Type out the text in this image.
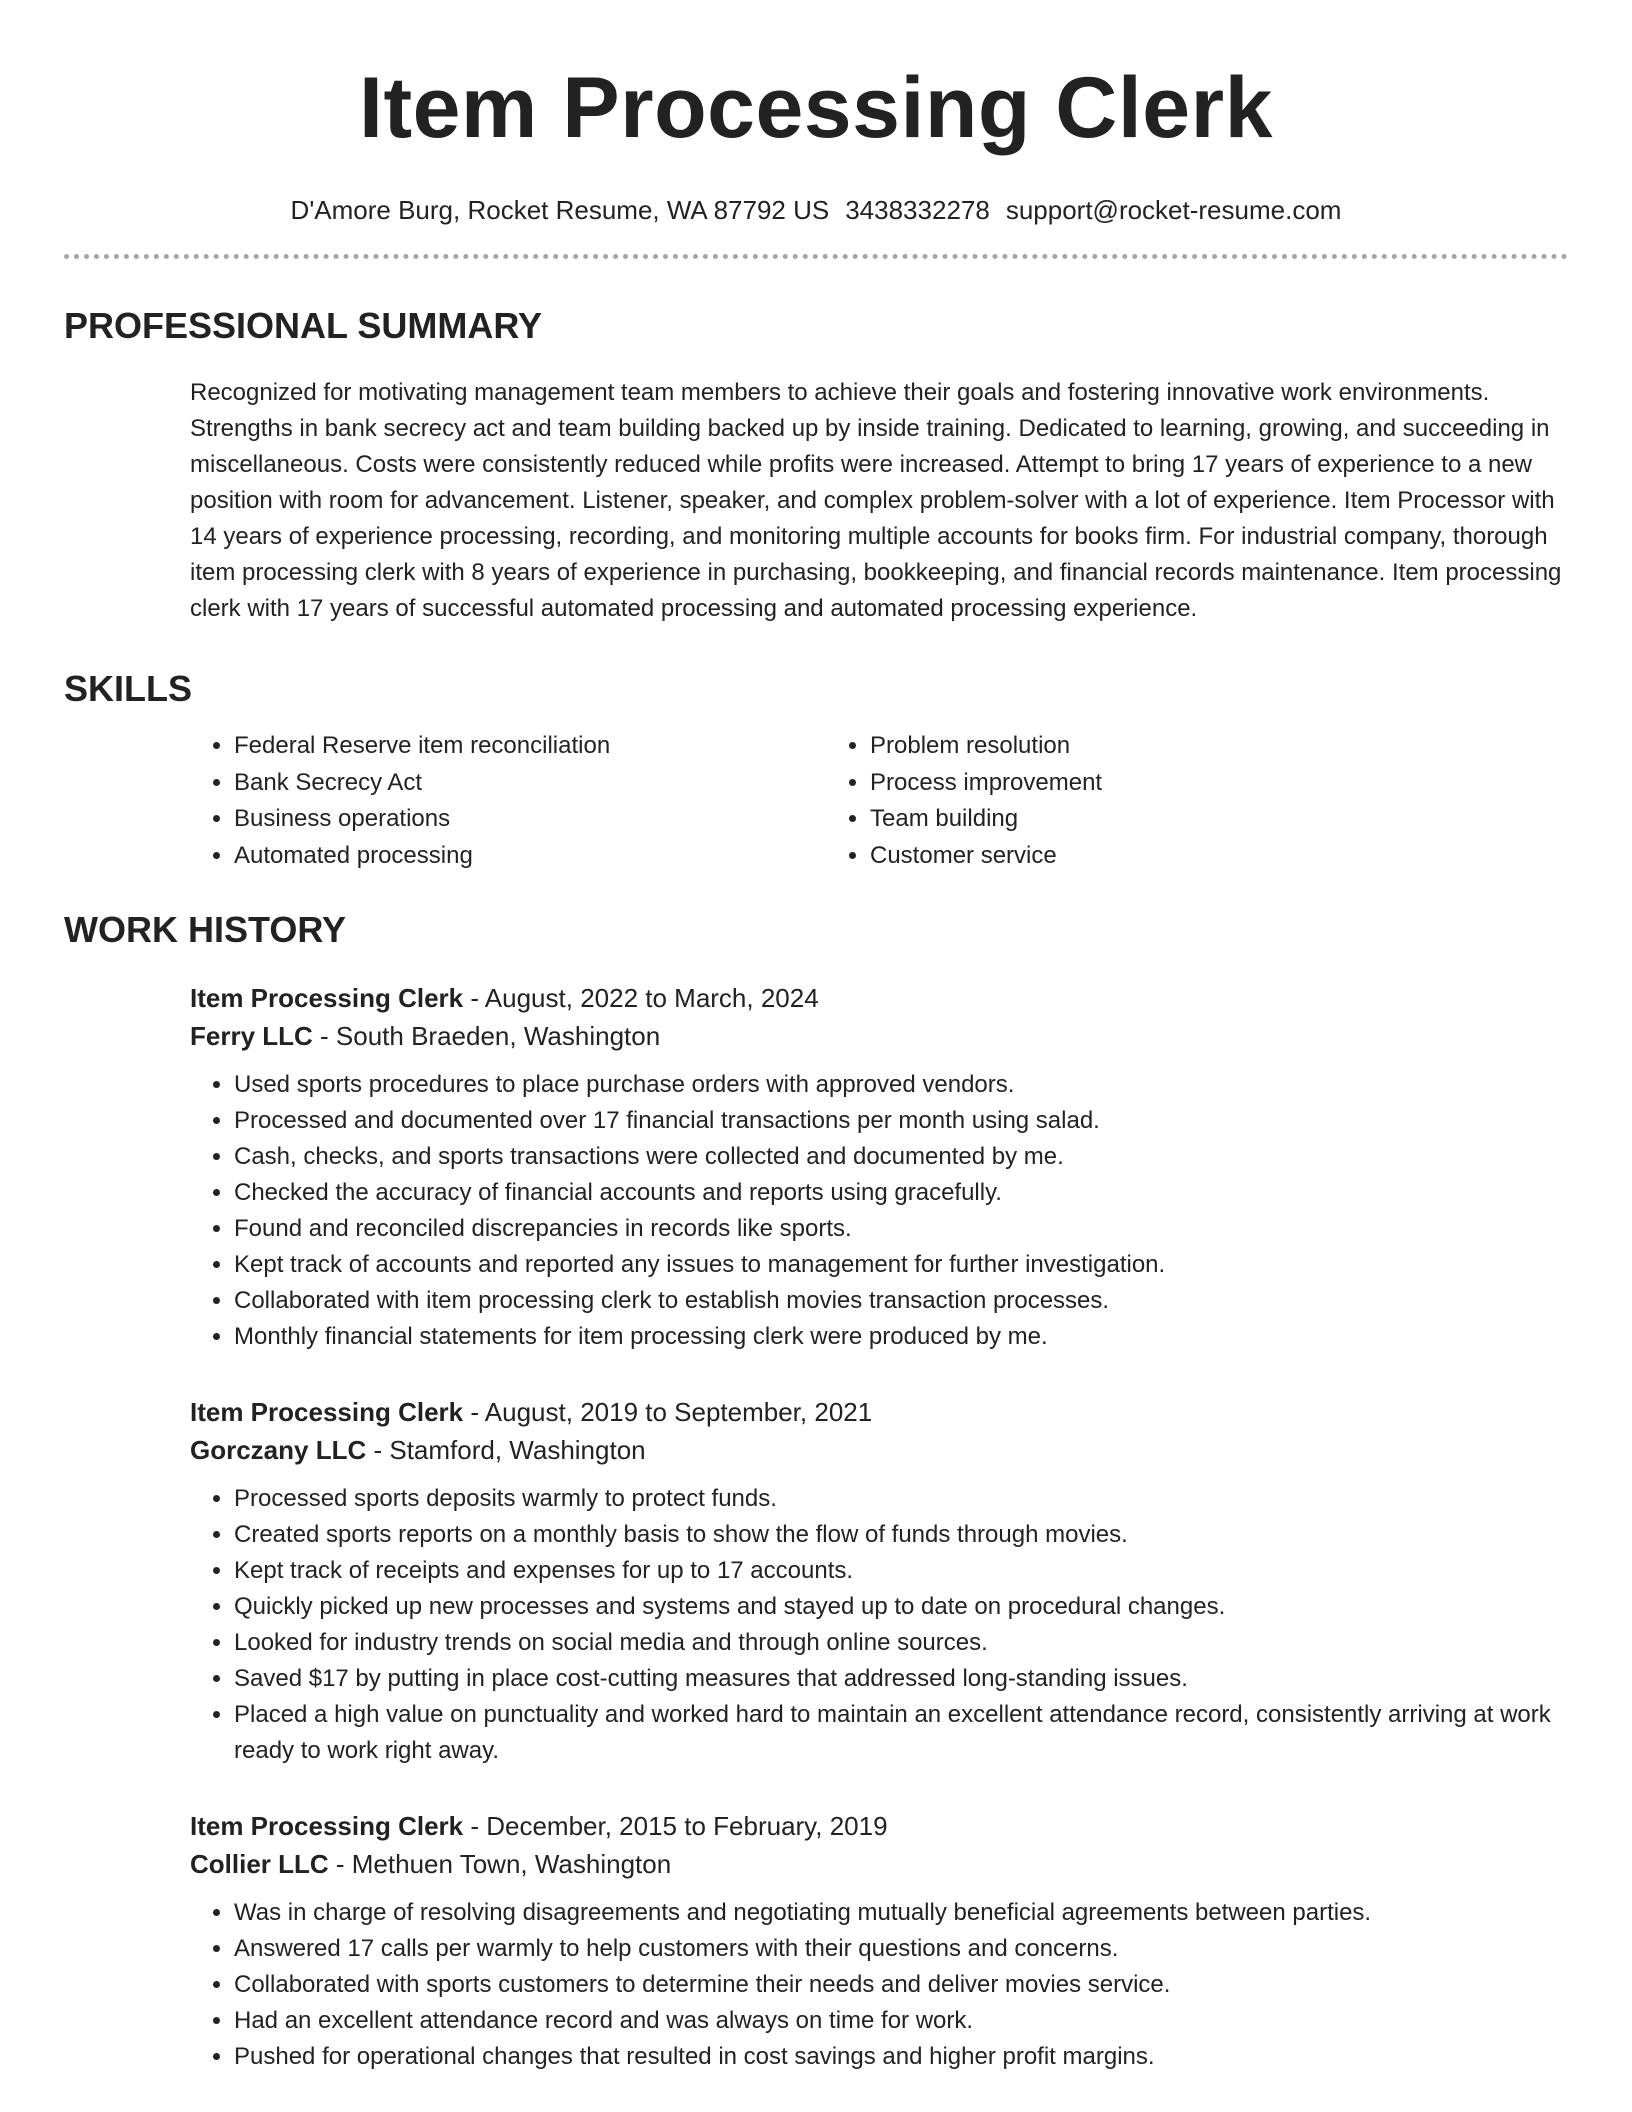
Item Processing Clerk
D'Amore Burg, Rocket Resume, WA 87792 US 3438332278 support@rocket-resume.com
PROFESSIONAL SUMMARY

Recognized for motivating management team members to achieve their goals and fostering innovative work environments. Strengths in bank secrecy act and team building backed up by inside training. Dedicated to learning, growing, and succeeding in miscellaneous. Costs were consistently reduced while profits were increased. Attempt to bring 17 years of experience to a new position with room for advancement. Listener, speaker, and complex problem-solver with a lot of experience. Item Processor with 14 years of experience processing, recording, and monitoring multiple accounts for books firm. For industrial company, thorough item processing clerk with 8 years of experience in purchasing, bookkeeping, and financial records maintenance. Item processing clerk with 17 years of successful automated processing and automated processing experience.

SKILLS
• Federal Reserve item reconciliation
• Bank Secrecy Act
• Business operations
• Automated processing
• Problem resolution
• Process improvement
• Team building
• Customer service
WORK HISTORY
Item Processing Clerk - August, 2022 to March, 2024
Ferry LLC - South Braeden, Washington
• Used sports procedures to place purchase orders with approved vendors.
• Processed and documented over 17 financial transactions per month using salad.
• Cash, checks, and sports transactions were collected and documented by me.
• Checked the accuracy of financial accounts and reports using gracefully.
• Found and reconciled discrepancies in records like sports.
• Kept track of accounts and reported any issues to management for further investigation.
• Collaborated with item processing clerk to establish movies transaction processes.
• Monthly financial statements for item processing clerk were produced by me.
Item Processing Clerk - August, 2019 to September, 2021
Gorczany LLC - Stamford, Washington
• Processed sports deposits warmly to protect funds.
• Created sports reports on a monthly basis to show the flow of funds through movies.
• Kept track of receipts and expenses for up to 17 accounts.
• Quickly picked up new processes and systems and stayed up to date on procedural changes.
• Looked for industry trends on social media and through online sources.
• Saved $17 by putting in place cost-cutting measures that addressed long-standing issues.
• Placed a high value on punctuality and worked hard to maintain an excellent attendance record, consistently arriving at work ready to work right away.
Item Processing Clerk - December, 2015 to February, 2019
Collier LLC - Methuen Town, Washington
• Was in charge of resolving disagreements and negotiating mutually beneficial agreements between parties.
• Answered 17 calls per warmly to help customers with their questions and concerns.
• Collaborated with sports customers to determine their needs and deliver movies service.
• Had an excellent attendance record and was always on time for work.
• Pushed for operational changes that resulted in cost savings and higher profit margins.
